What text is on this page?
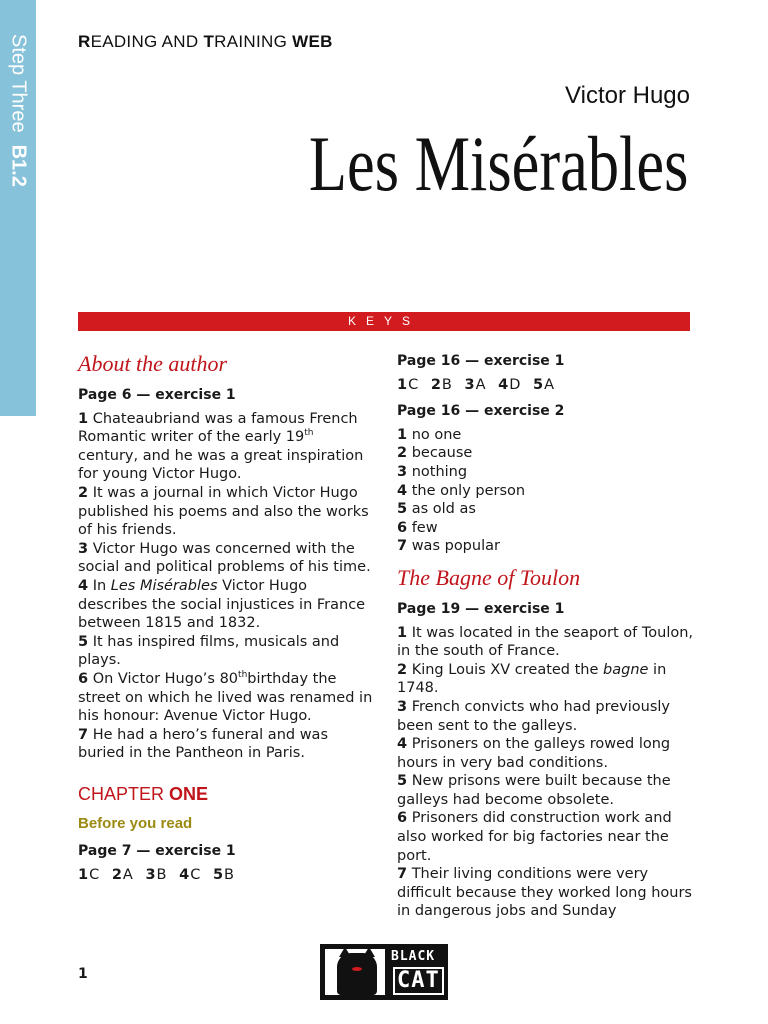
Step ThreeB1.2
READING AND TRAINING WEB
Victor Hugo
Les Misérables
KEYS
About the author
Page 6 — exercise 1

1 Chateaubriand was a famous French Romantic writer of the early 19th century, and he was a great inspiration for young Victor Hugo.

2 It was a journal in which Victor Hugo published his poems and also the works of his friends.

3 Victor Hugo was concerned with the social and political problems of his time.

4 In Les Misérables Victor Hugo describes the social injustices in France between 1815 and 1832.

5 It has inspired films, musicals and plays.

6 On Victor Hugo’s 80thbirthday the street on which he lived was renamed in his honour: Avenue Victor Hugo.

7 He had a hero’s funeral and was buried in the Pantheon in Paris.

CHAPTER ONE
Before you read
Page 7 — exercise 1
1C 2A 3B 4C 5B
Page 16 — exercise 1
1C 2B 3A 4D 5A
Page 16 — exercise 2

1 no one

2 because

3 nothing

4 the only person

5 as old as

6 few

7 was popular

The Bagne of Toulon
Page 19 — exercise 1

1 It was located in the seaport of Toulon, in the south of France.

2 King Louis XV created the bagne in 1748.

3 French convicts who had previously been sent to the galleys.

4 Prisoners on the galleys rowed long hours in very bad conditions.

5 New prisons were built because the galleys had become obsolete.

6 Prisoners did construction work and also worked for big factories near the port.

7 Their living conditions were very difficult because they worked long hours in dangerous jobs and Sunday

1
BLACK
CAT
